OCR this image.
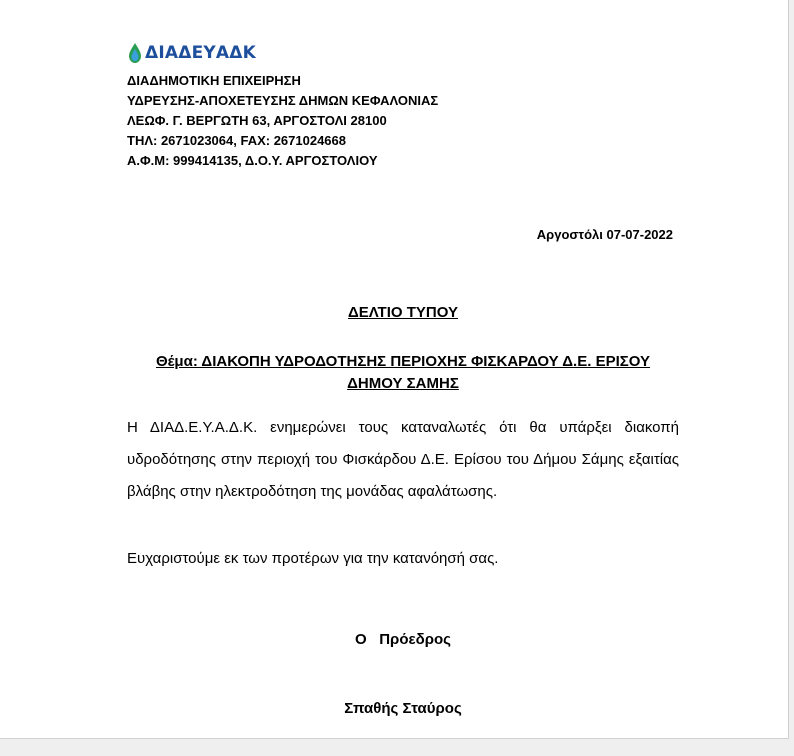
ΔΙΑΔΕΥΑΔΚ
ΔΙΑΔΗΜΟΤΙΚΗ ΕΠΙΧΕΙΡΗΣΗ
ΥΔΡΕΥΣΗΣ-ΑΠΟΧΕΤΕΥΣΗΣ ΔΗΜΩΝ ΚΕΦΑΛΟΝΙΑΣ
ΛΕΩΦ. Γ. ΒΕΡΓΩΤΗ 63, ΑΡΓΟΣΤΟΛΙ 28100
ΤΗΛ: 2671023064, FAX: 2671024668
Α.Φ.Μ: 999414135, Δ.Ο.Υ. ΑΡΓΟΣΤΟΛΙΟΥ
Αργοστόλι 07-07-2022
ΔΕΛΤΙΟ ΤΥΠΟΥ
Θέμα: ΔΙΑΚΟΠΗ ΥΔΡΟΔΟΤΗΣΗΣ ΠΕΡΙΟΧΗΣ ΦΙΣΚΑΡΔΟΥ Δ.Ε. ΕΡΙΣΟΥ
ΔΗΜΟΥ ΣΑΜΗΣ
Η ΔΙΑΔ.Ε.Υ.Α.Δ.Κ. ενημερώνει τους καταναλωτές ότι θα υπάρξει διακοπή υδροδότησης στην περιοχή του Φισκάρδου Δ.Ε. Ερίσου του Δήμου Σάμης εξαιτίας βλάβης στην ηλεκτροδότηση της μονάδας αφαλάτωσης.
Ευχαριστούμε εκ των προτέρων για την κατανόησή σας.
Ο   Πρόεδρος
Σπαθής Σταύρος
